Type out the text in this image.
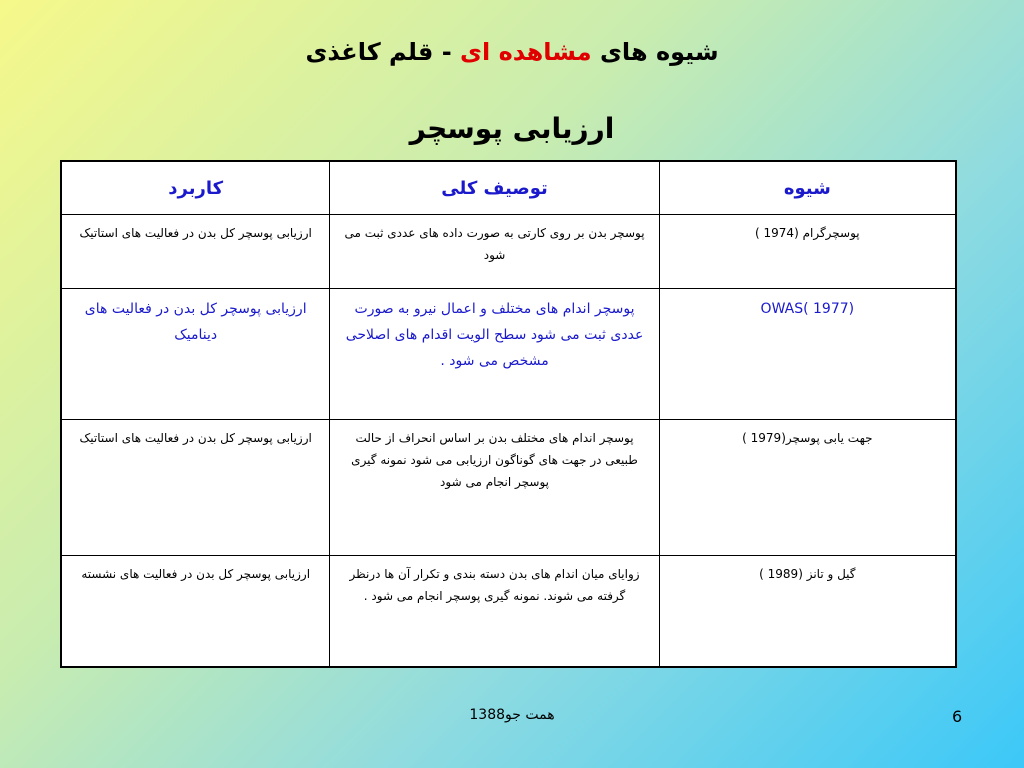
شیوه های مشاهده ای - قلم کاغذی
ارزیابی پوسچر
شیوه	توصیف کلی	کاربرد
پوسچرگرام (1974 )	پوسچر بدن بر روی کارتی به صورت داده های عددی ثبت می شود	ارزیابی پوسچر کل بدن در فعالیت های استاتیک
OWAS( 1977)	پوسچر اندام های مختلف و اعمال نیرو به صورت عددی ثبت می شود سطح الویت اقدام های اصلاحی مشخص می شود .	ارزیابی پوسچر کل بدن در فعالیت های دینامیک
جهت یابی پوسچر(1979 )	پوسچر اندام های مختلف بدن بر اساس انحراف از حالت طبیعی در جهت های گوناگون ارزیابی می شود نمونه گیری پوسچر انجام می شود	ارزیابی پوسچر کل بدن در فعالیت های استاتیک
گیل و تانز (1989 )	زوایای میان اندام های بدن دسته بندی و تکرار آن ها درنظر گرفته می شوند. نمونه گیری پوسچر انجام می شود .	ارزیابی پوسچر کل بدن در فعالیت های نشسته
1388همت جو	6
